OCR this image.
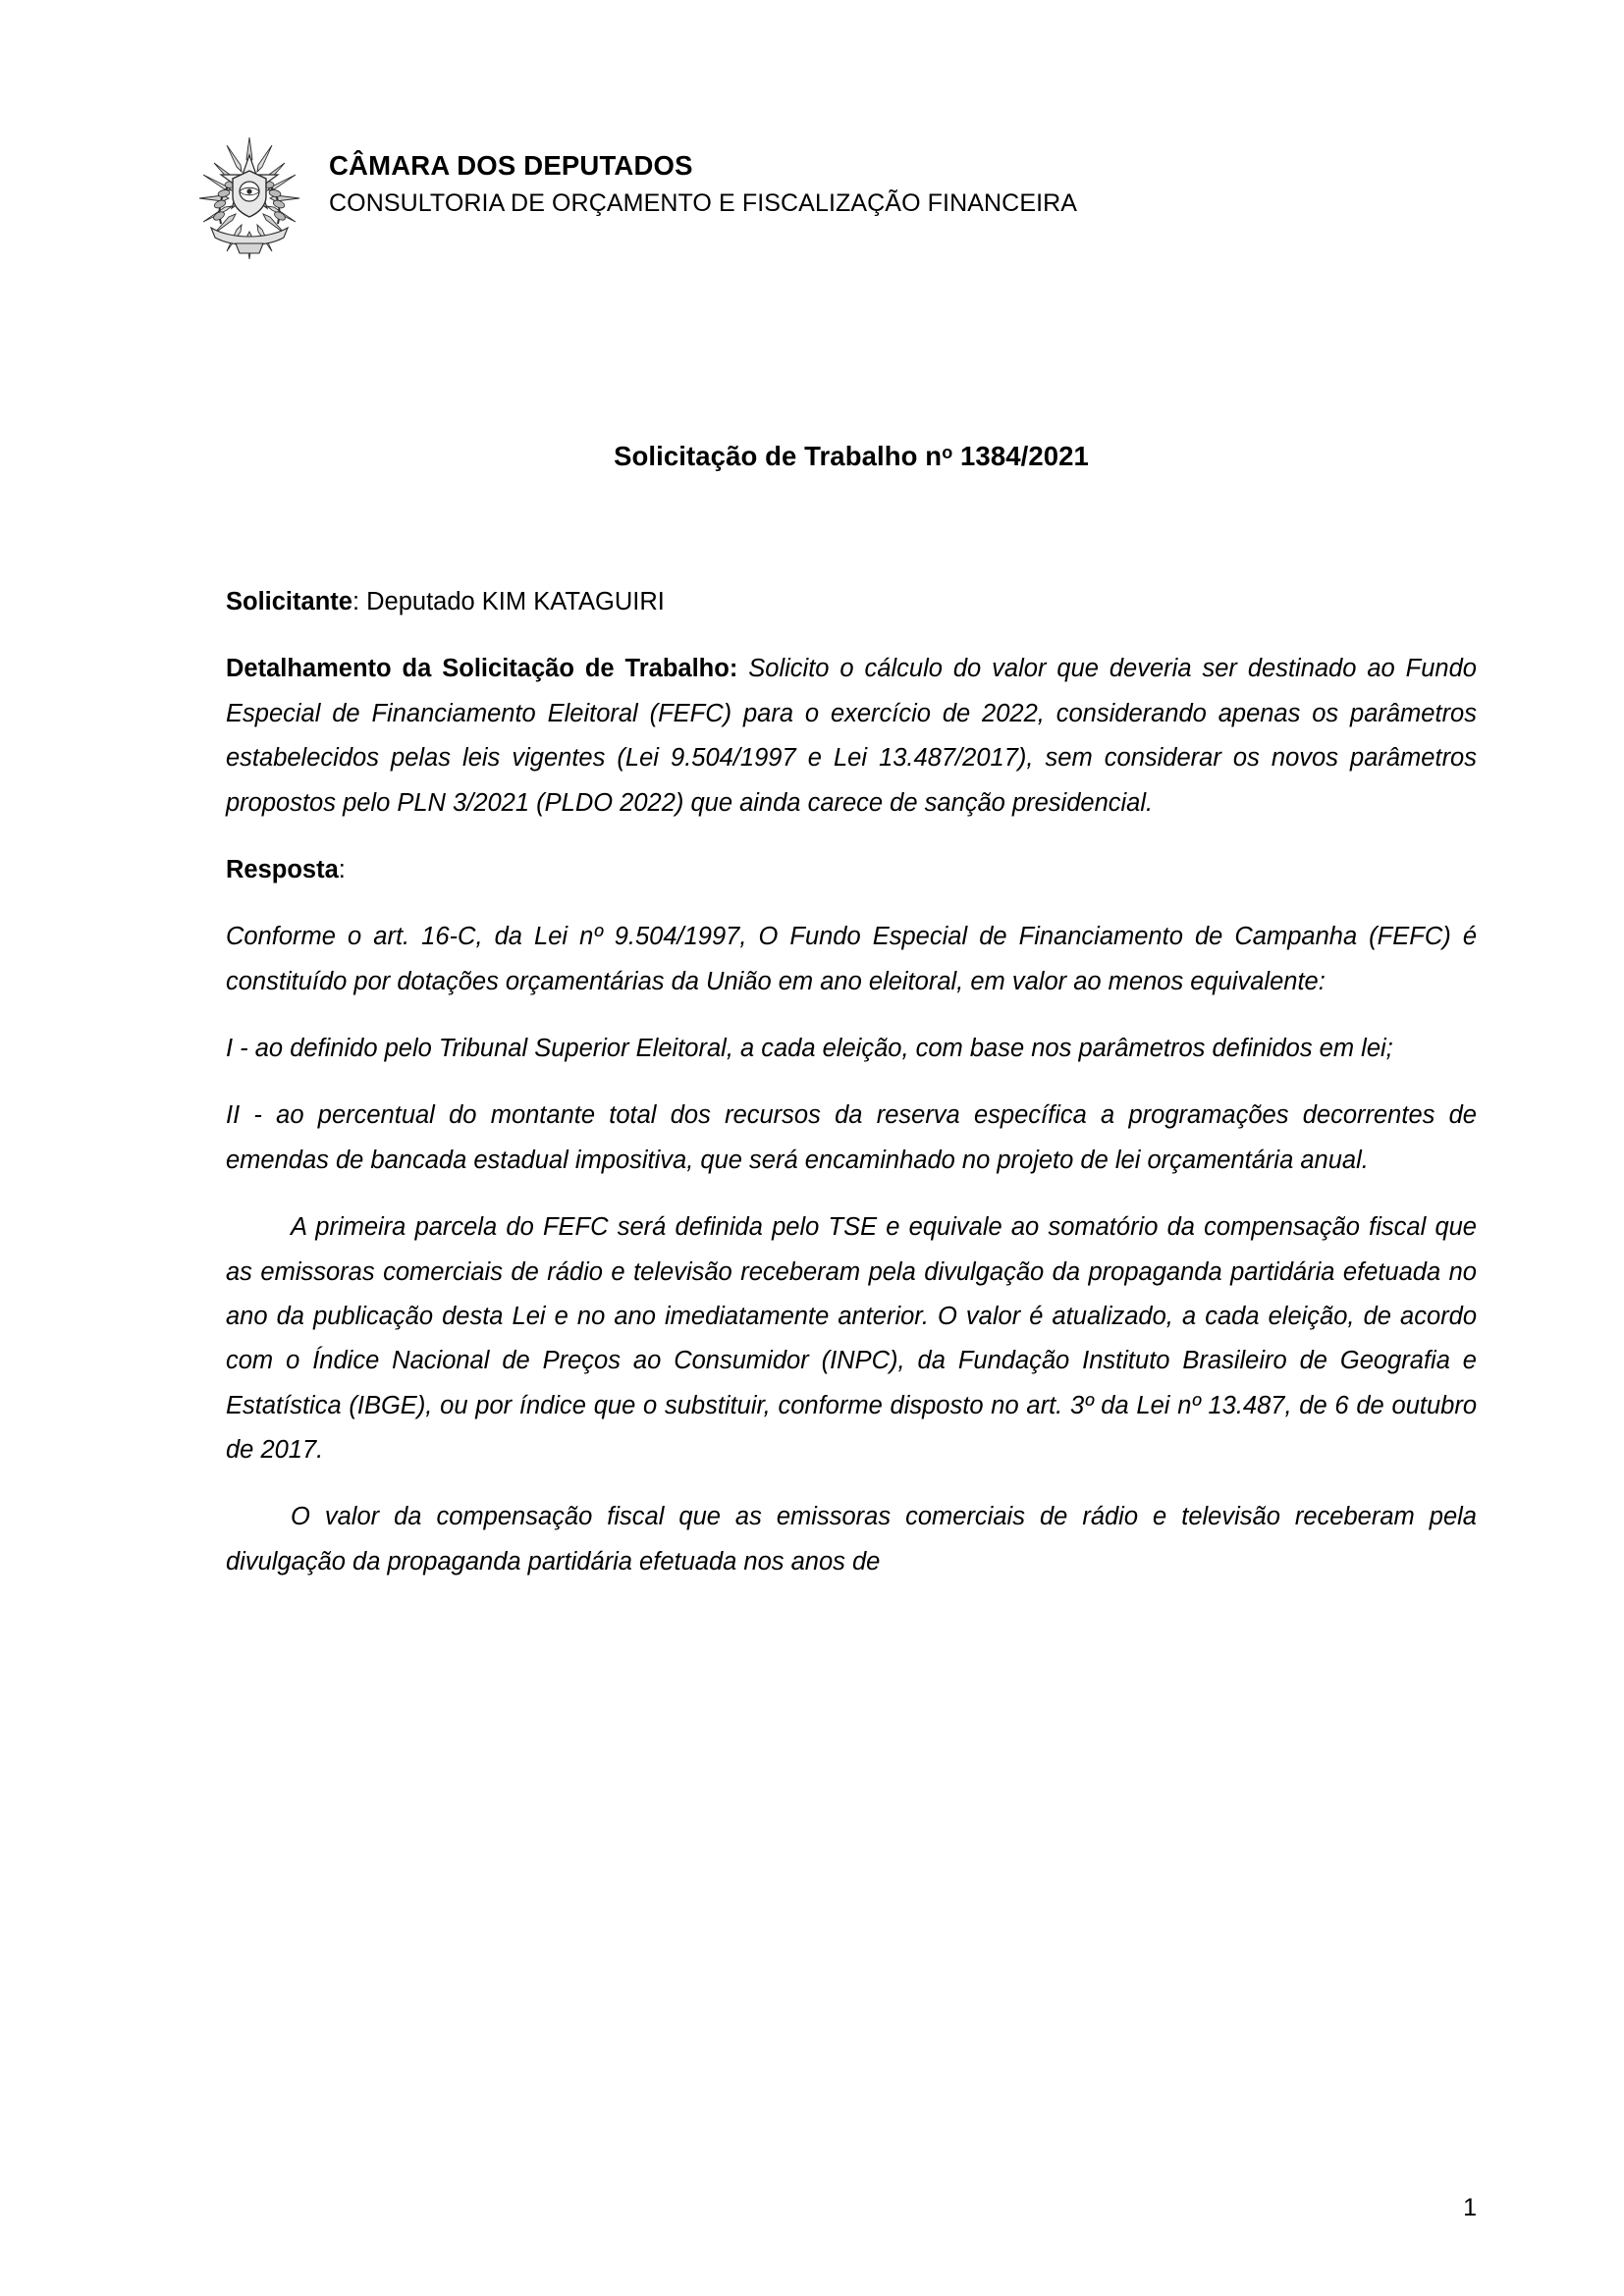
CÂMARA DOS DEPUTADOS
CONSULTORIA DE ORÇAMENTO E FISCALIZAÇÃO FINANCEIRA
Solicitação de Trabalho $n^o$ 1384/2021

Solicitante: Deputado KIM KATAGUIRI

Detalhamento da Solicitação de Trabalho: Solicito o cálculo do valor que deveria ser destinado ao Fundo Especial de Financiamento Eleitoral (FEFC) para o exercício de 2022, considerando apenas os parâmetros estabelecidos pelas leis vigentes (Lei 9.504/1997 e Lei 13.487/2017), sem considerar os novos parâmetros propostos pelo PLN 3/2021 (PLDO 2022) que ainda carece de sanção presidencial.

Resposta:

Conforme o art. 16-C, da Lei nº 9.504/1997, O Fundo Especial de Financiamento de Campanha (FEFC) é constituído por dotações orçamentárias da União em ano eleitoral, em valor ao menos equivalente:

I - ao definido pelo Tribunal Superior Eleitoral, a cada eleição, com base nos parâmetros definidos em lei;

II - ao percentual do montante total dos recursos da reserva específica a programações decorrentes de emendas de bancada estadual impositiva, que será encaminhado no projeto de lei orçamentária anual.

A primeira parcela do FEFC será definida pelo TSE e equivale ao somatório da compensação fiscal que as emissoras comerciais de rádio e televisão receberam pela divulgação da propaganda partidária efetuada no ano da publicação desta Lei e no ano imediatamente anterior. O valor é atualizado, a cada eleição, de acordo com o Índice Nacional de Preços ao Consumidor (INPC), da Fundação Instituto Brasileiro de Geografia e Estatística (IBGE), ou por índice que o substituir, conforme disposto no art. 3º da Lei nº 13.487, de 6 de outubro de 2017.

O valor da compensação fiscal que as emissoras comerciais de rádio e televisão receberam pela divulgação da propaganda partidária efetuada nos anos de

1
